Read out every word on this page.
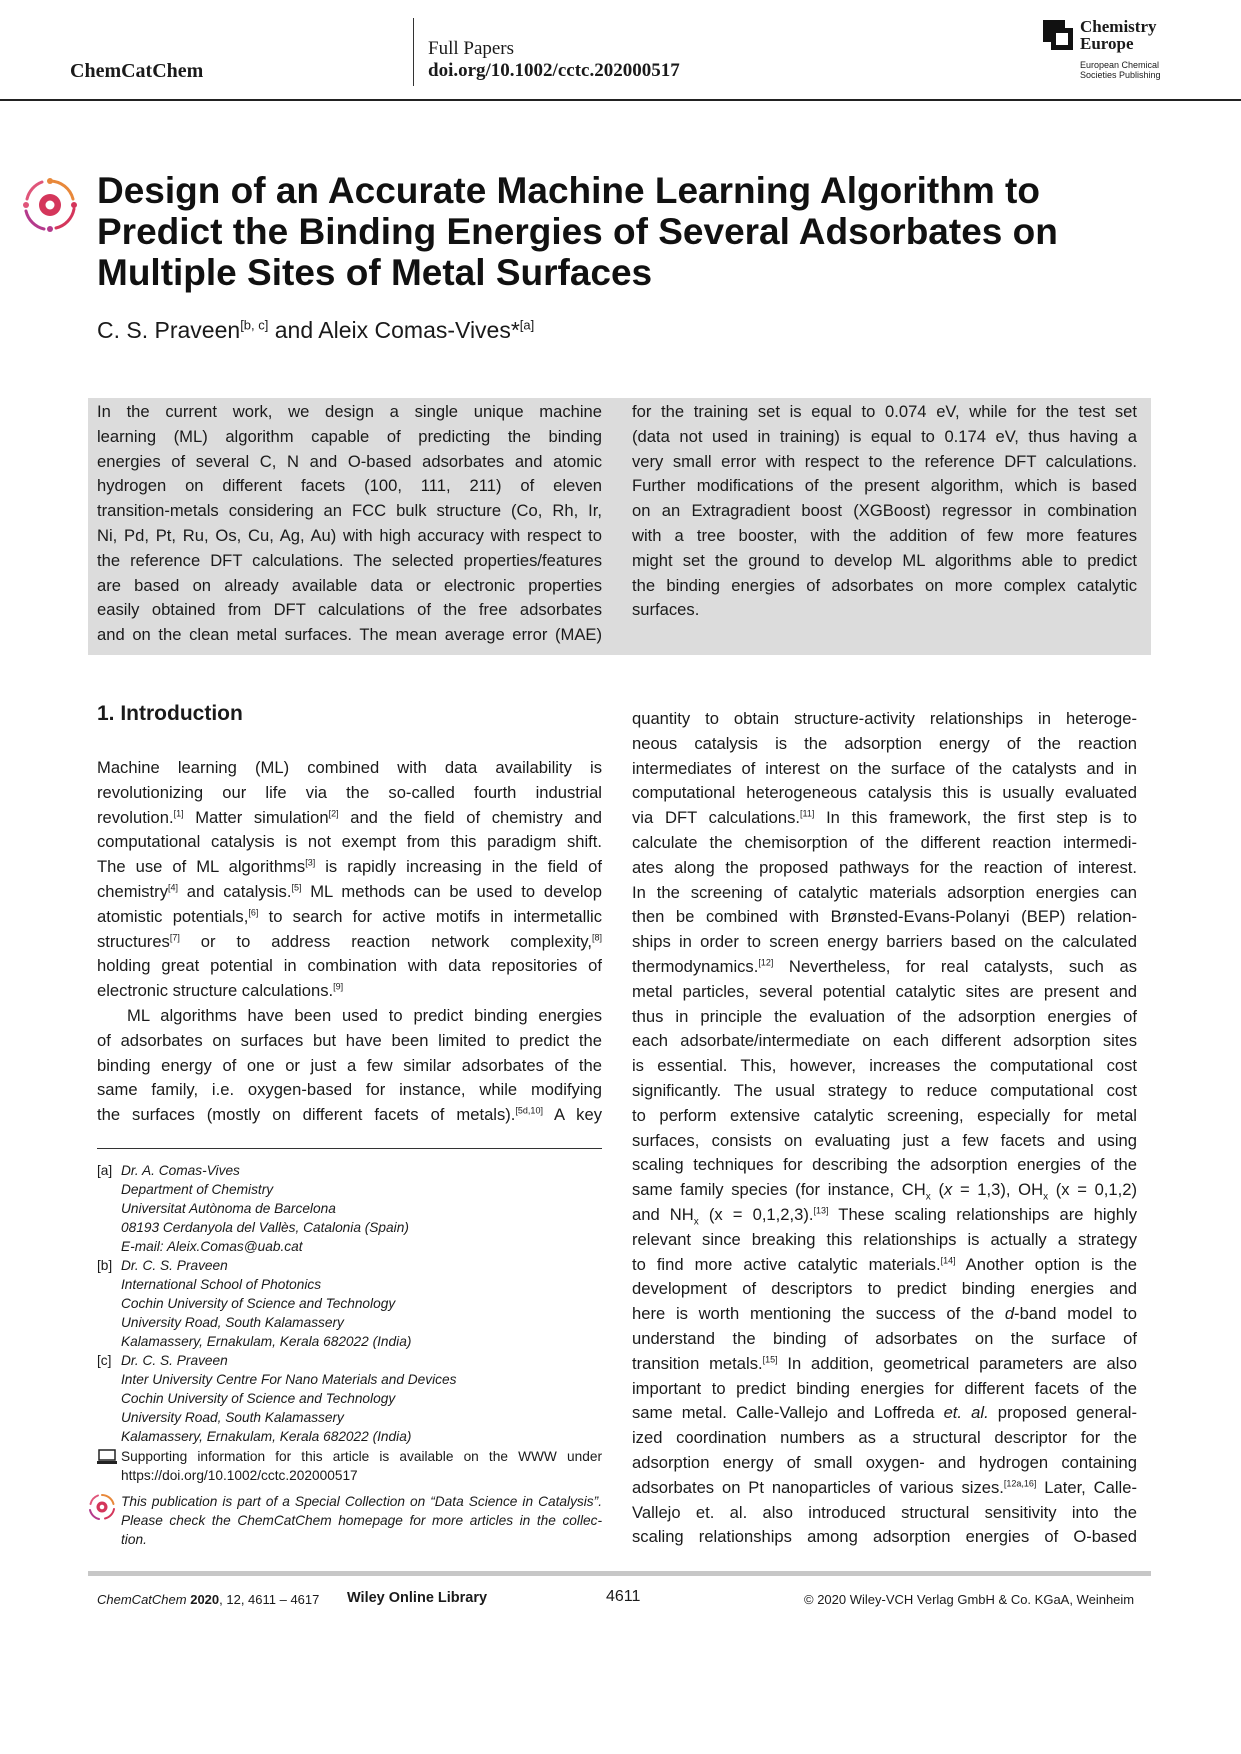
ChemCatChem
Full Papers
doi.org/10.1002/cctc.202000517
Chemistry Europe
European Chemical Societies Publishing
Design of an Accurate Machine Learning Algorithm to Predict the Binding Energies of Several Adsorbates on Multiple Sites of Metal Surfaces
C. S. Praveen[b, c] and Aleix Comas-Vives*[a]
In the current work, we design a single unique machine
learning (ML) algorithm capable of predicting the binding
energies of several C, N and O-based adsorbates and atomic
hydrogen on different facets (100, 111, 211) of eleven
transition-metals considering an FCC bulk structure (Co, Rh, Ir,
Ni, Pd, Pt, Ru, Os, Cu, Ag, Au) with high accuracy with respect to
the reference DFT calculations. The selected properties/features
are based on already available data or electronic properties
easily obtained from DFT calculations of the free adsorbates
and on the clean metal surfaces. The mean average error (MAE)
for the training set is equal to 0.074 eV, while for the test set
(data not used in training) is equal to 0.174 eV, thus having a
very small error with respect to the reference DFT calculations.
Further modifications of the present algorithm, which is based
on an Extragradient boost (XGBoost) regressor in combination
with a tree booster, with the addition of few more features
might set the ground to develop ML algorithms able to predict
the binding energies of adsorbates on more complex catalytic
surfaces.
1. Introduction
Machine learning (ML) combined with data availability is
revolutionizing our life via the so-called fourth industrial
revolution.[1] Matter simulation[2] and the field of chemistry and
computational catalysis is not exempt from this paradigm shift.
The use of ML algorithms[3] is rapidly increasing in the field of
chemistry[4] and catalysis.[5] ML methods can be used to develop
atomistic potentials,[6] to search for active motifs in intermetallic
structures[7] or to address reaction network complexity,[8]
holding great potential in combination with data repositories of
electronic structure calculations.[9]
ML algorithms have been used to predict binding energies
of adsorbates on surfaces but have been limited to predict the
binding energy of one or just a few similar adsorbates of the
same family, i.e. oxygen-based for instance, while modifying
the surfaces (mostly on different facets of metals).[5d,10] A key
quantity to obtain structure-activity relationships in heteroge-
neous catalysis is the adsorption energy of the reaction
intermediates of interest on the surface of the catalysts and in
computational heterogeneous catalysis this is usually evaluated
via DFT calculations.[11] In this framework, the first step is to
calculate the chemisorption of the different reaction intermedi-
ates along the proposed pathways for the reaction of interest.
In the screening of catalytic materials adsorption energies can
then be combined with Brønsted-Evans-Polanyi (BEP) relation-
ships in order to screen energy barriers based on the calculated
thermodynamics.[12] Nevertheless, for real catalysts, such as
metal particles, several potential catalytic sites are present and
thus in principle the evaluation of the adsorption energies of
each adsorbate/intermediate on each different adsorption sites
is essential. This, however, increases the computational cost
significantly. The usual strategy to reduce computational cost
to perform extensive catalytic screening, especially for metal
surfaces, consists on evaluating just a few facets and using
scaling techniques for describing the adsorption energies of the
same family species (for instance, $CH_x$ (x = 1,3), $OH_x$ (x = 0,1,2)
and $NH_x$ (x = 0,1,2,3).[13] These scaling relationships are highly
relevant since breaking this relationships is actually a strategy
to find more active catalytic materials.[14] Another option is the
development of descriptors to predict binding energies and
here is worth mentioning the success of the d-band model to
understand the binding of adsorbates on the surface of
transition metals.[15] In addition, geometrical parameters are also
important to predict binding energies for different facets of the
same metal. Calle-Vallejo and Loffreda et. al. proposed general-
ized coordination numbers as a structural descriptor for the
adsorption energy of small oxygen- and hydrogen containing
adsorbates on Pt nanoparticles of various sizes.[12a,16] Later, Calle-
Vallejo et. al. also introduced structural sensitivity into the
scaling relationships among adsorption energies of O-based
[a] Dr. A. Comas-Vives
Department of Chemistry
Universitat Autònoma de Barcelona
08193 Cerdanyola del Vallès, Catalonia (Spain)
E-mail: Aleix.Comas@uab.cat
[b] Dr. C. S. Praveen
International School of Photonics
Cochin University of Science and Technology
University Road, South Kalamassery
Kalamassery, Ernakulam, Kerala 682022 (India)
[c] Dr. C. S. Praveen
Inter University Centre For Nano Materials and Devices
Cochin University of Science and Technology
University Road, South Kalamassery
Kalamassery, Ernakulam, Kerala 682022 (India)
Supporting information for this article is available on the WWW under
https://doi.org/10.1002/cctc.202000517
This publication is part of a Special Collection on “Data Science in Catalysis”.
Please check the ChemCatChem homepage for more articles in the collec-
tion.
ChemCatChem 2020, 12, 4611 – 4617 Wiley Online Library	4611	© 2020 Wiley-VCH Verlag GmbH & Co. KGaA, Weinheim
